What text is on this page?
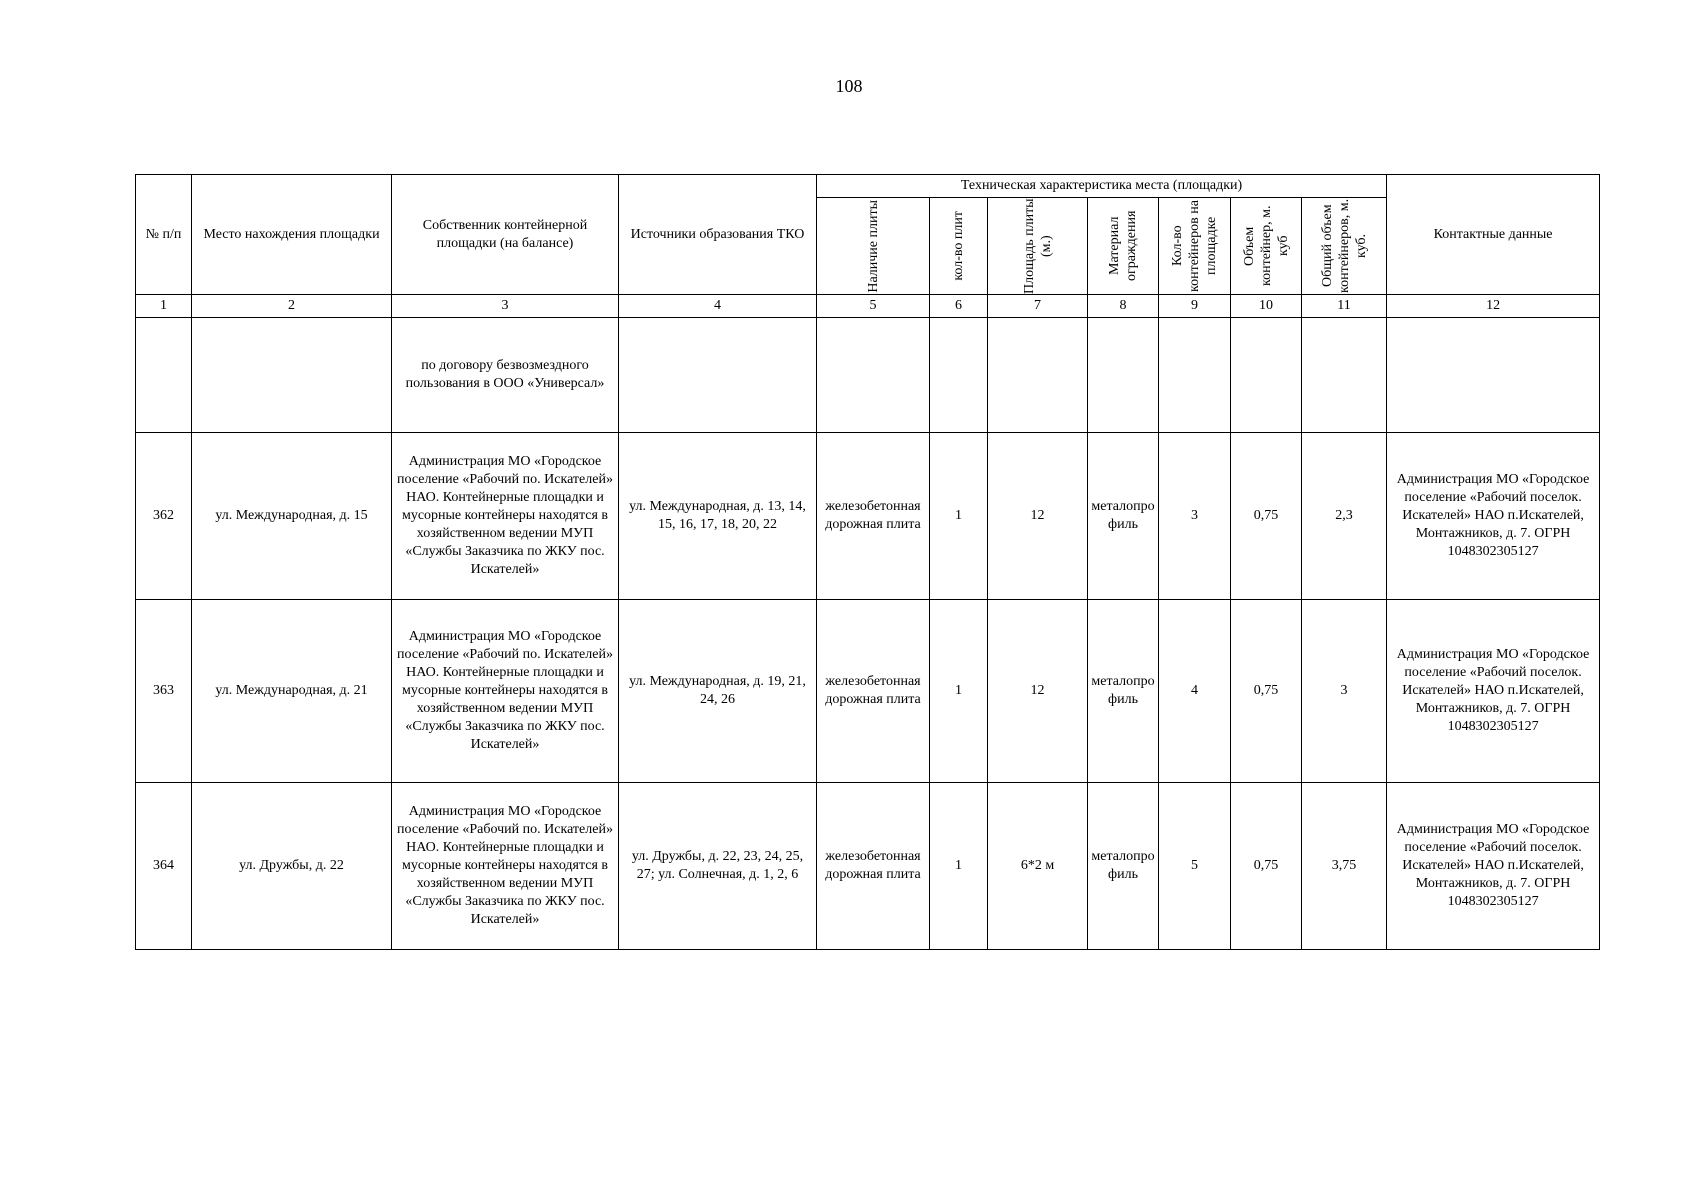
108
№ п/п	Место нахождения площадки	Собственник контейнерной площадки (на балансе)	Источники образования ТКО	Техническая характеристика места (площадки)							Контактные данные

				Наличие плиты	кол-во плит	Площадь плиты (м.)	Материал ограждения	Кол-во контейнеров на площадке	Объем контейнер, м. куб	Общий объем контейнеров, м. куб.	

1	2	3	4	5	6	7	8	9	10	11	12
		по договору безвозмездного пользования в ООО «Универсал»									
362	ул. Международная, д. 15	Администрация МО «Городское поселение «Рабочий по. Искателей» НАО. Контейнерные площадки и мусорные контейнеры находятся в хозяйственном ведении МУП «Службы Заказчика по ЖКУ пос. Искателей»	ул. Международная, д. 13, 14, 15, 16, 17, 18, 20, 22	железобетонная дорожная плита	1	12	металопрофиль	3	0,75	2,3	Администрация МО «Городское поселение «Рабочий поселок. Искателей» НАО п.Искателей, Монтажников, д. 7. ОГРН 1048302305127
363	ул. Международная, д. 21	Администрация МО «Городское поселение «Рабочий по. Искателей» НАО. Контейнерные площадки и мусорные контейнеры находятся в хозяйственном ведении МУП «Службы Заказчика по ЖКУ пос. Искателей»	ул. Международная, д. 19, 21, 24, 26	железобетонная дорожная плита	1	12	металопрофиль	4	0,75	3	Администрация МО «Городское поселение «Рабочий поселок. Искателей» НАО п.Искателей, Монтажников, д. 7. ОГРН 1048302305127
364	ул. Дружбы, д. 22	Администрация МО «Городское поселение «Рабочий по. Искателей» НАО. Контейнерные площадки и мусорные контейнеры находятся в хозяйственном ведении МУП «Службы Заказчика по ЖКУ пос. Искателей»	ул. Дружбы, д. 22, 23, 24, 25, 27; ул. Солнечная, д. 1, 2, 6	железобетонная дорожная плита	1	6*2 м	металопрофиль	5	0,75	3,75	Администрация МО «Городское поселение «Рабочий поселок. Искателей» НАО п.Искателей, Монтажников, д. 7. ОГРН 1048302305127
